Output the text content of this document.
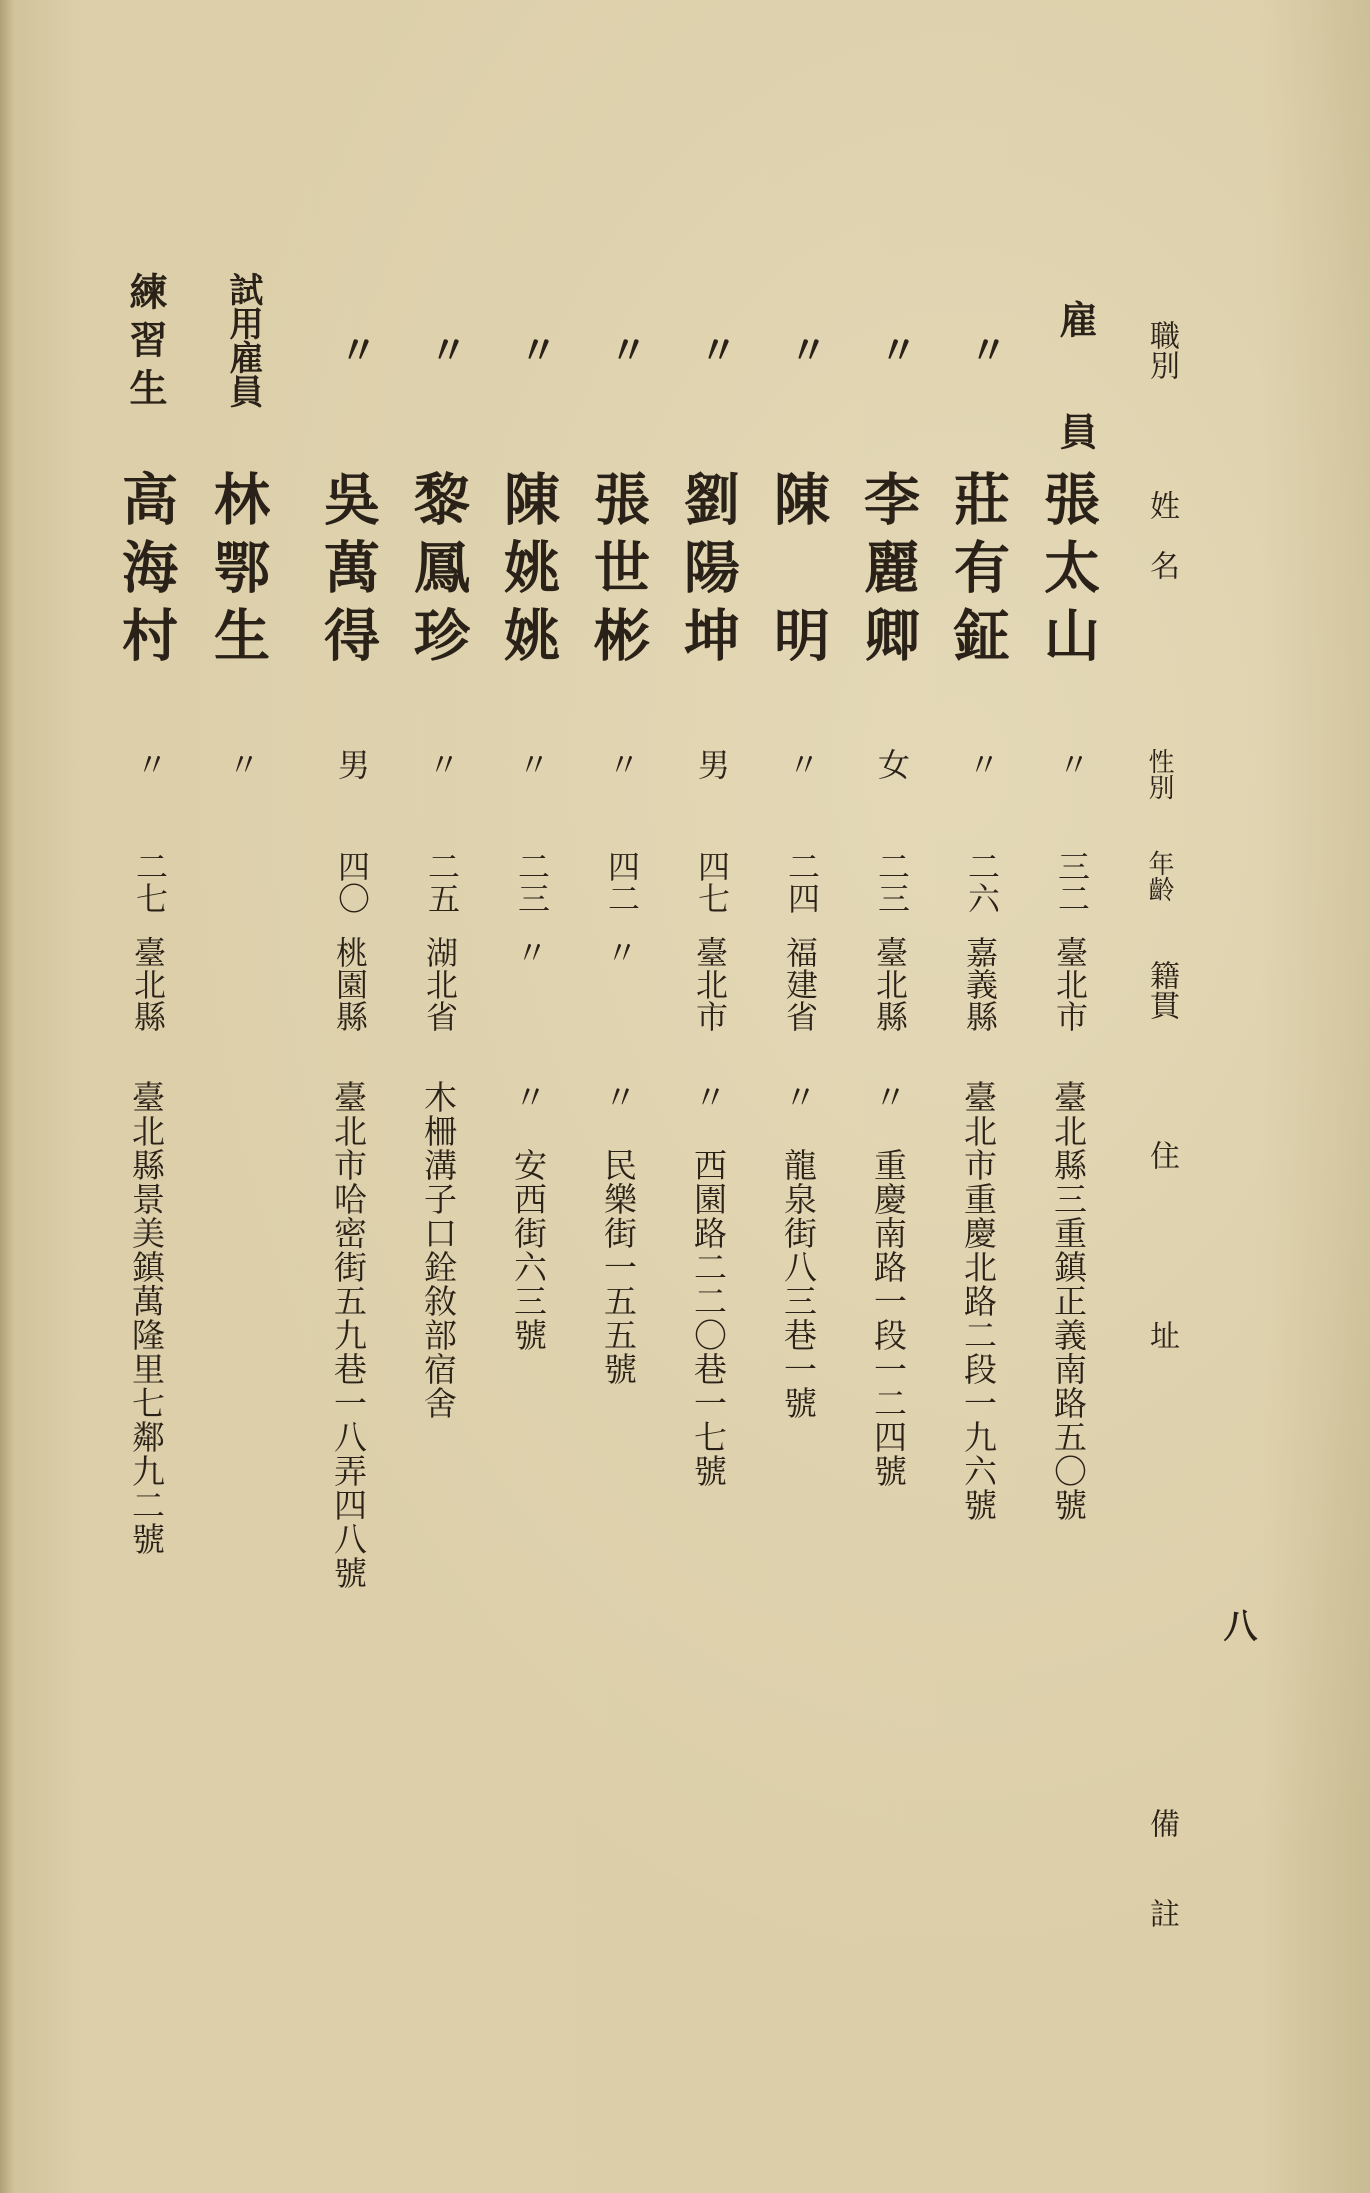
八
職別
姓　名
性別
年齡
籍貫
住　　　　　址
備　　註
雇　員
張太山
〃
三二
臺北市
臺北縣三重鎮正義南路五〇號
〃
莊有鉦
〃
二六
嘉義縣
臺北市重慶北路二段一九六號
〃
李麗卿
女
二三
臺北縣
〃　重慶南路一段一二四號
〃
陳　明
〃
二四
福建省
〃　龍泉街八三巷一號
〃
劉陽坤
男
四七
臺北市
〃　西園路二二〇巷一七號
〃
張世彬
〃
四二
〃
〃　民樂街一五五號
〃
陳姚姚
〃
二三
〃
〃　安西街六三號
〃
黎鳳珍
〃
二五
湖北省
木柵溝子口銓敘部宿舍
〃
吳萬得
男
四〇
桃園縣
臺北市哈密街五九巷一八弄四八號
試用雇員
林鄂生
〃
練習生
高海村
〃
二七
臺北縣
臺北縣景美鎮萬隆里七鄰九二號
